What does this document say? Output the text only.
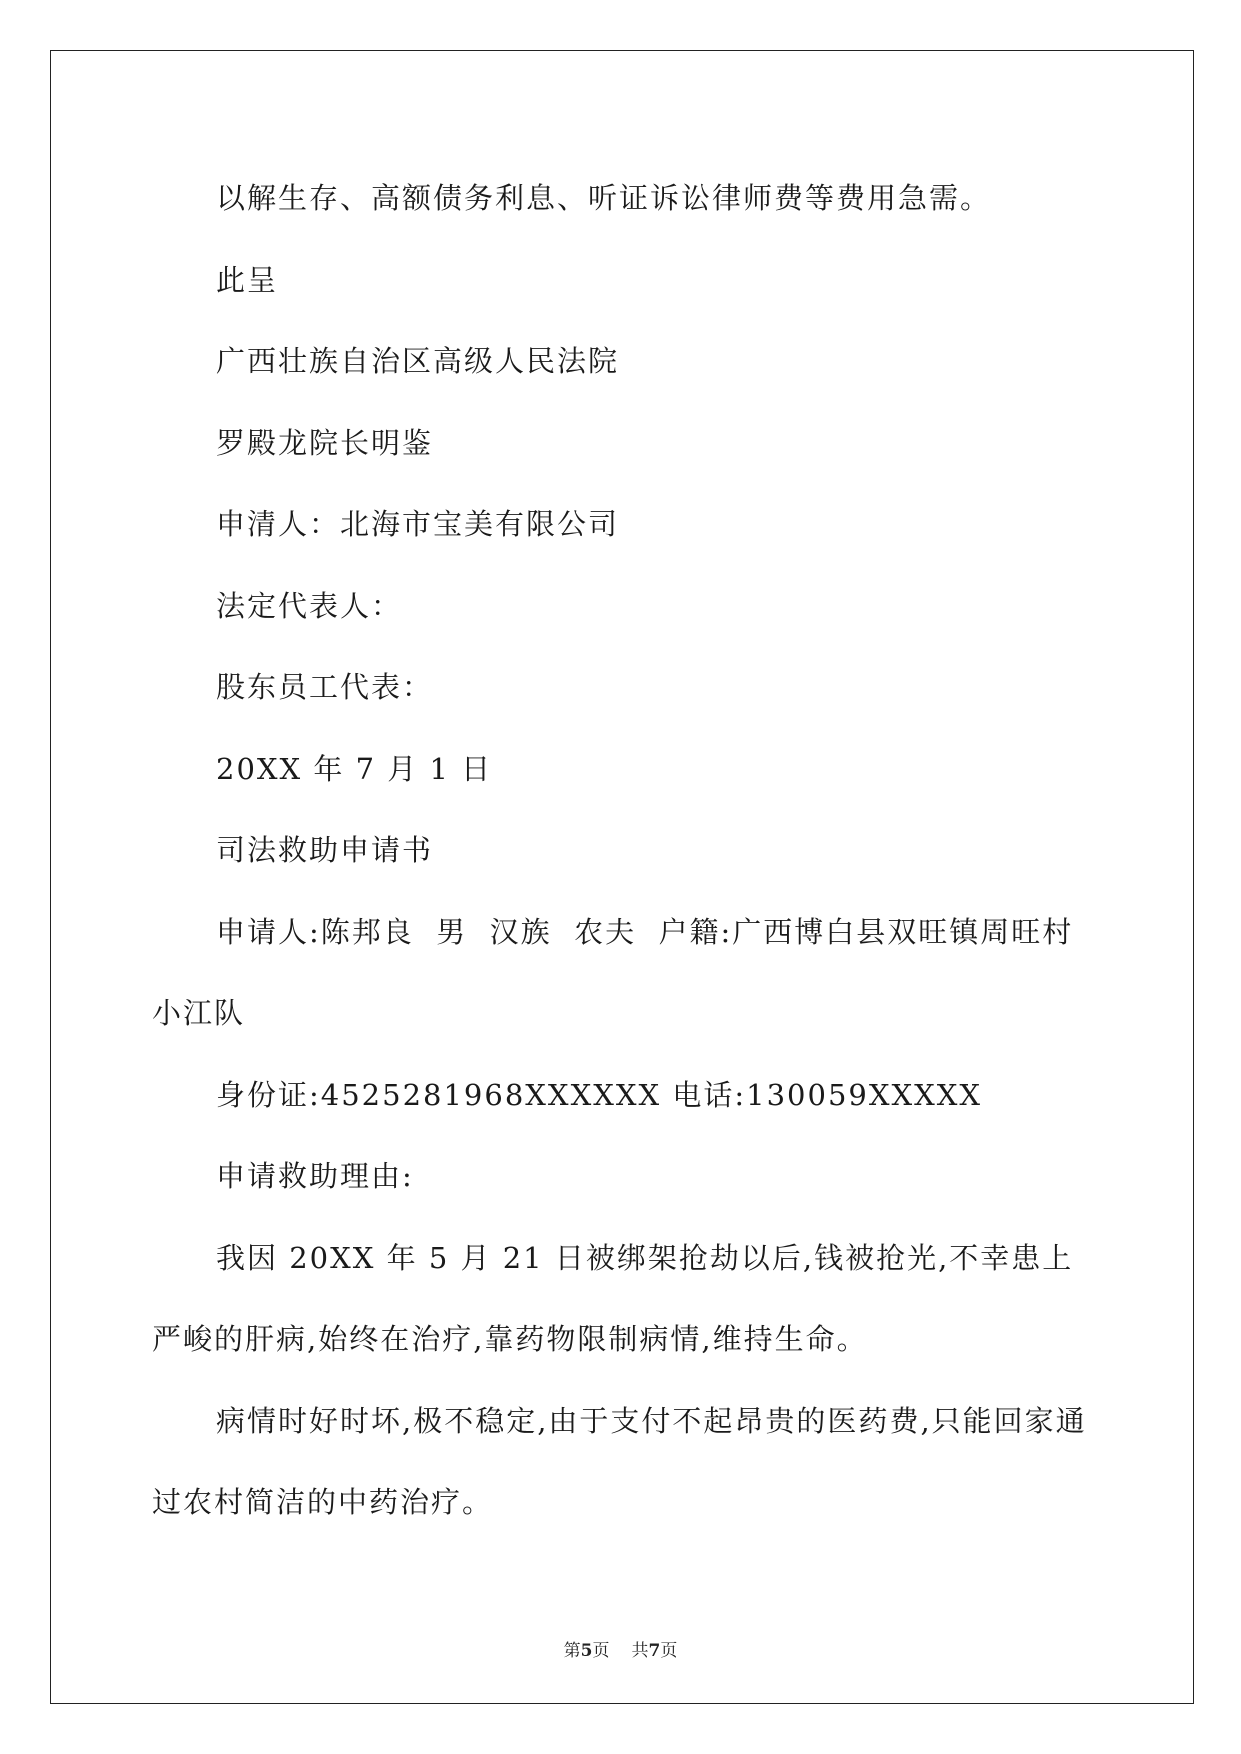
以解生存、高额债务利息、听证诉讼律师费等费用急需。

此呈

广西壮族自治区高级人民法院

罗殿龙院长明鉴

申清人：北海市宝美有限公司

法定代表人：

股东员工代表：

20XX 年 7 月 1 日

司法救助申请书

申请人:陈邦良  男  汉族  农夫  户籍:广西博白县双旺镇周旺村小江队

身份证:4525281968XXXXXX 电话:130059XXXXX

申请救助理由:

我因 20XX 年 5 月 21 日被绑架抢劫以后,钱被抢光,不幸患上严峻的肝病,始终在治疗,靠药物限制病情,维持生命。

病情时好时坏,极不稳定,由于支付不起昂贵的医药费,只能回家通过农村简洁的中药治疗。

第5页 共7页
